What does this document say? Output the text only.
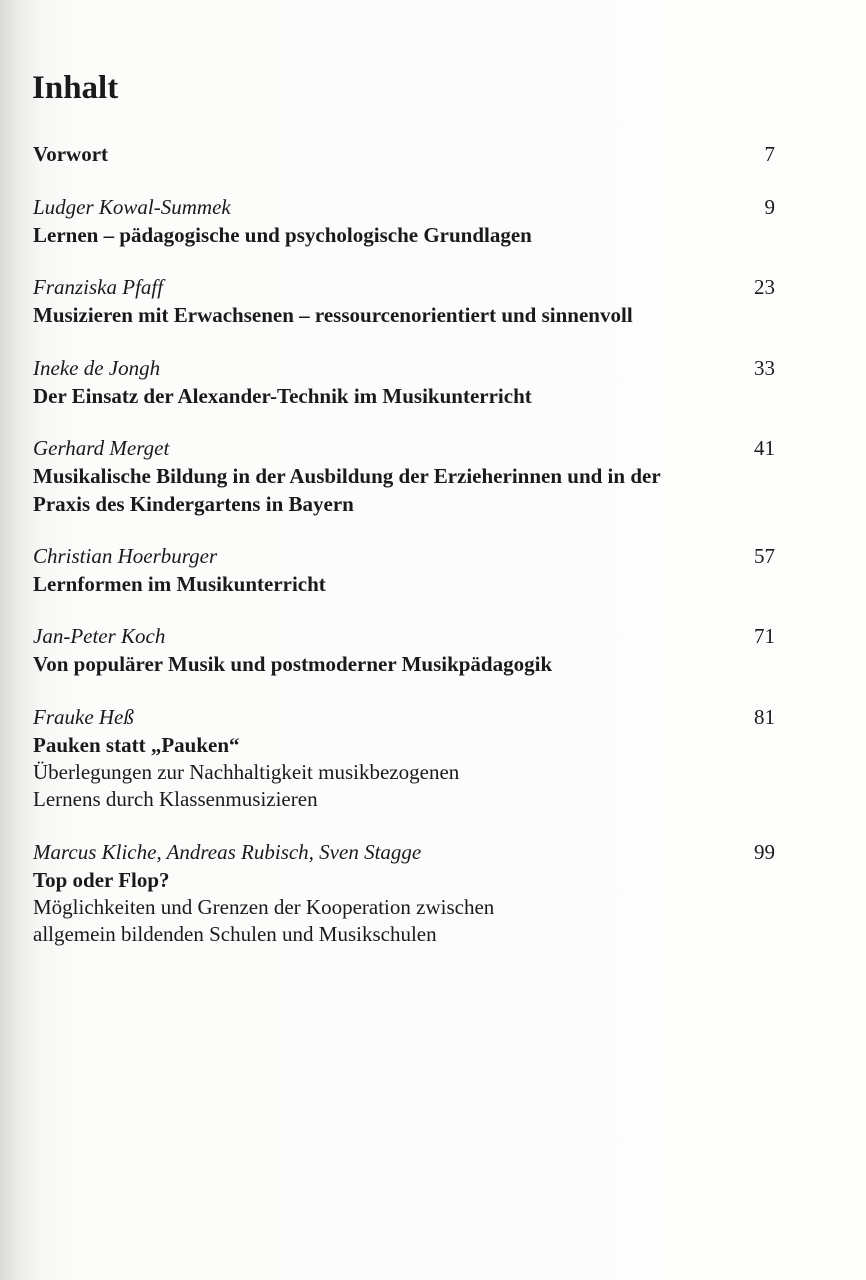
Inhalt
Vorwort	7
Ludger Kowal-Summek	9
Lernen – pädagogische und psychologische Grundlagen
Franziska Pfaff	23
Musizieren mit Erwachsenen – ressourcenorientiert und sinnenvoll
Ineke de Jongh	33
Der Einsatz der Alexander-Technik im Musikunterricht
Gerhard Merget	41
Musikalische Bildung in der Ausbildung der Erzieherinnen und in der
Praxis des Kindergartens in Bayern
Christian Hoerburger	57
Lernformen im Musikunterricht
Jan-Peter Koch	71
Von populärer Musik und postmoderner Musikpädagogik
Frauke Heß	81
Pauken statt „Pauken“
Überlegungen zur Nachhaltigkeit musikbezogenen
Lernens durch Klassenmusizieren
Marcus Kliche, Andreas Rubisch, Sven Stagge	99
Top oder Flop?
Möglichkeiten und Grenzen der Kooperation zwischen
allgemein bildenden Schulen und Musikschulen
